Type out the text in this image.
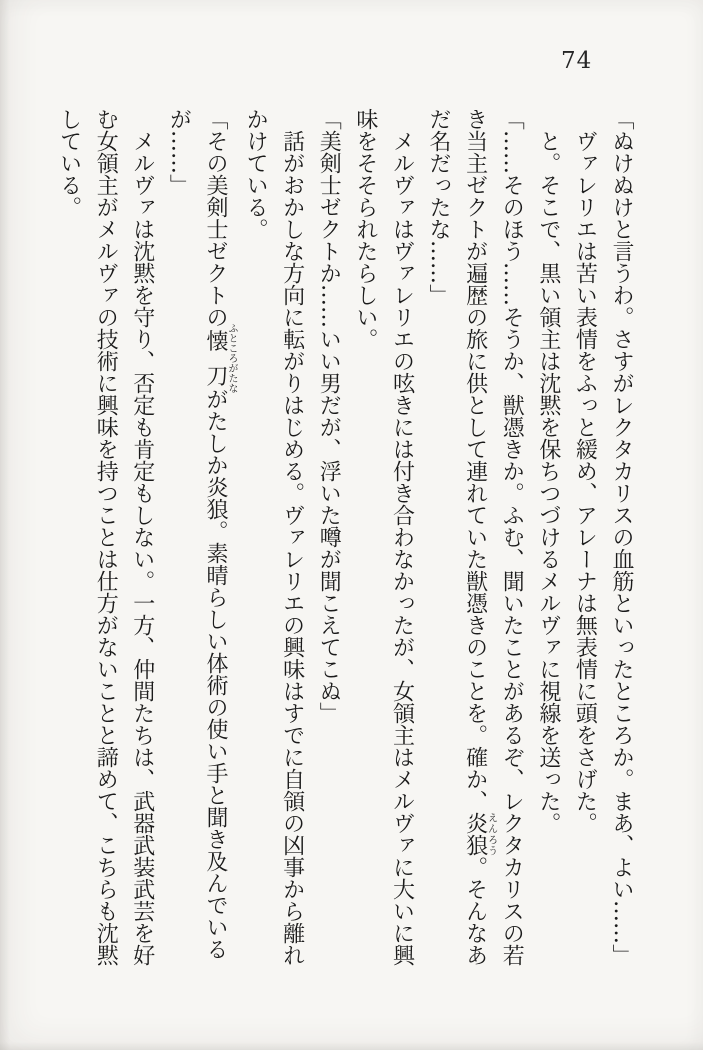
74

「ぬけぬけと言うわ。さすがレクタカリスの血筋といったところか。まあ、よい……」

ヴァレリエは苦い表情をふっと緩め、アレーナは無表情に頭をさげた。

と。そこで、黒い領主は沈黙を保ちつづけるメルヴァに視線を送った。

「……そのほう……そうか、獣憑きか。ふむ、聞いたことがあるぞ、レクタカリスの若き当主ゼクトが遍歴の旅に供として連れていた獣憑きのことを。確か、炎狼えんろう。そんなあだ名だったな……」

メルヴァはヴァレリエの呟きには付き合わなかったが、女領主はメルヴァに大いに興味をそそられたらしい。

「美剣士ゼクトか……いい男だが、浮いた噂が聞こえてこぬ」

話がおかしな方向に転がりはじめる。ヴァレリエの興味はすでに自領の凶事から離れかけている。

「その美剣士ゼクトの懐刀ふところがたながたしか炎狼。素晴らしい体術の使い手と聞き及んでいるが……」

メルヴァは沈黙を守り、否定も肯定もしない。一方、仲間たちは、武器武装武芸を好む女領主がメルヴァの技術に興味を持つことは仕方がないことと諦めて、こちらも沈黙している。
